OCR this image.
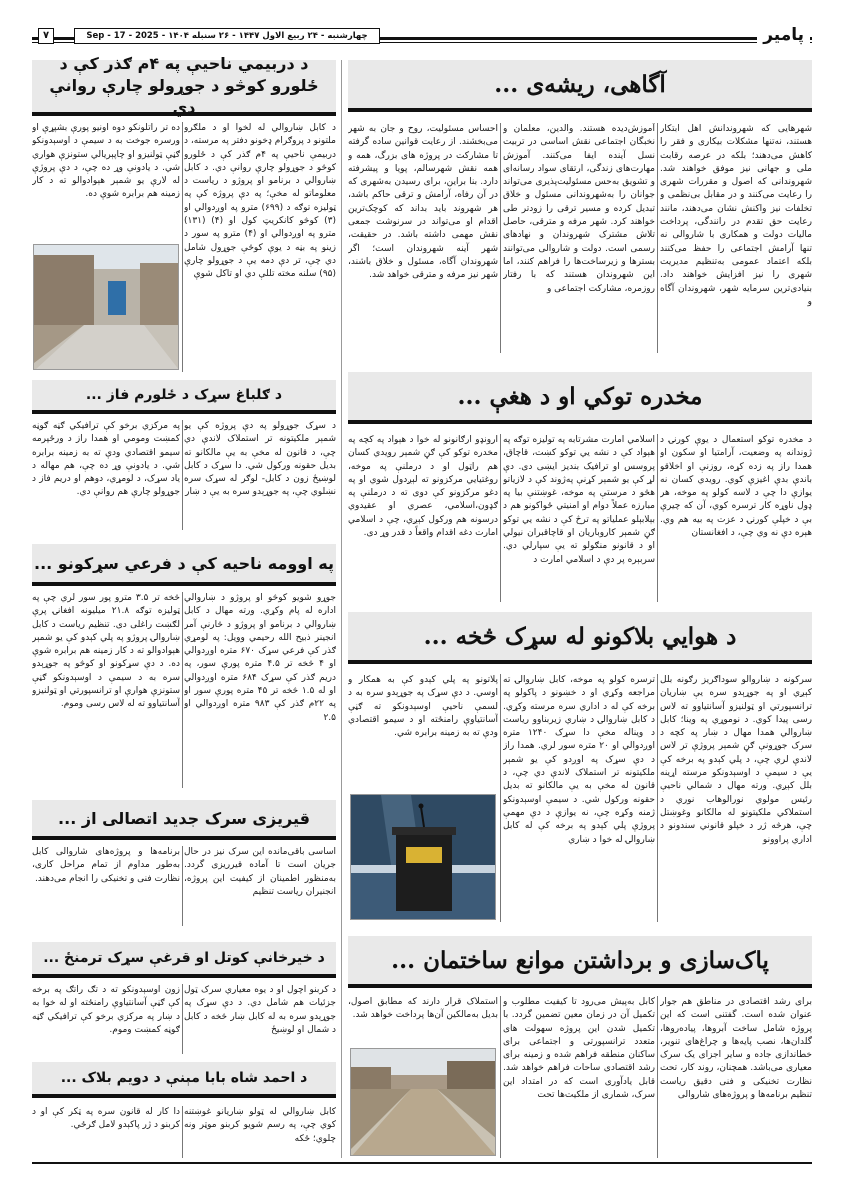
۷	چهارشنبه - ۲۴ ربیع الاول ۱۴۴۷ - ۲۶ سنبله ۱۴۰۴ - 2025 - 17 - Sep	پامیر
آگاهی، ریشه‌ی ...
شهرهایی که شهروندانش اهل ابتکار هستند، نه‌تنها مشکلات بیکاری و فقر را کاهش می‌دهند؛ بلکه در عرصه رقابت ملی و جهانی نیز موفق خواهند شد. شهروندانی که اصول و مقررات شهری را رعایت می‌کنند و در مقابل بی‌نظمی و تخلفات نیز واکنش نشان می‌دهند، مانند رعایت حق تقدم در رانندگی، پرداخت مالیات دولت و همکاری با شاروالی نه تنها آرامش اجتماعی را حفظ می‌کنند بلکه اعتماد عمومی به‌تنظیم مدیریت شهری را نیز افزایش خواهند داد. بنیادی‌ترین سرمایه شهر، شهروندان آگاه و
آموزش‌دیده هستند. والدین، معلمان و نخبگان اجتماعی نقش اساسی در تربیت نسل آینده ایفا می‌کنند. آموزش مهارت‌های زندگی، ارتقای سواد رسانه‌ای و تشویق به‌حس مسئولیت‌پذیری می‌تواند جوانان را به‌شهروندانی مسئول و خلاق تبدیل کرده و مسیر ترقی را زودتر طی خواهند کرد. شهر مرفه و مترقی، حاصل تلاش مشترک شهروندان و نهادهای رسمی است. دولت و شاروالی می‌توانند بسترها و زیرساخت‌ها را فراهم کنند، اما این شهروندان هستند که با رفتار روزمره، مشارکت اجتماعی و
احساس مسئولیت، روح و جان به شهر می‌بخشند. از رعایت قوانین ساده گرفته تا مشارکت در پروژه های بزرگ، همه و همه نقش شهرسالم، پویا و پیشرفته دارد. بنا براین، برای رسیدن به‌شهری که در آن رفاه، آرامش و ترقی حاکم باشد، هر شهروند باید بداند که کوچک‌ترین اقدام او می‌تواند در سرنوشت جمعی نقش مهمی داشته باشد. در حقیقت، شهر آینه شهروندان است؛ اگر شهروندان آگاه، مسئول و خلاق باشند، شهر نیز مرفه و مترقی خواهد شد.
مخدره توکي او د هغې ...
د مخدره توکو استعمال د یوې کورنۍ د ژوندانه په وضعیت، آرامتیا او سکون او همدا راز په زده کړه، روزنې او اخلاقو باندې بدې اغیزې کوي. رویدي کسان نه یوازې دا چې د لاسه کولو په موخه، هر ډول ناوړه کار ترسره کوي، آن که چیرې بې د خپلې کورنۍ د عزت په بیه هم وي. هېره دې نه وي چې، د افغانستان
اسلامي امارت مشرتابه په تولیزه توګه په هېواد کې د نشه یي توکو کښت، قاچاق، پروسس او ترافیک بندیز ایښی دی. دې لړ کې یو شمېر کړنې په‌ژوند کې د لازیاتو هڅو د مرستې په موخه، غوښتنې بیا په مبارزه عملاً دوام او امنیتي ځواکونو هم د بېلابېلو عملیاتو په ترڅ کې د نشه یي توکو ګڼ شمېر کاروباریان او قاچاقبران نیولي او د قانونو منګولو ته یې سپارلي دي. سربېره پر دې د اسلامي امارت د
ارونډو ارګانونو له خوا د هېواد په کچه په مخدره توکو کې ګڼ شمېر رويدي کسان هم راټول او د درملنې په موخه، روغتیایي مرکزونو ته لېږدول شوي او په دغو مرکزونو کې دوی ته د درملنې په ګډون،اسلامي، عصري او عقیدوي درسونه هم ورکول کېږي، چې د اسلامي امارت دغه اقدام واقعاً د قدر وړ دی.
د هوایي بلاکونو له سړک څخه ...
سرکونه د ښاروالو سوداګریز رګونه بلل کېږي او په جوړېدو سره یې ښاريان ترانسپورتي او ټولنيزو آسانتياوو ته لاس رسی پیدا کوي. د نوموړي په وینا؛ کابل ښاروالي همدا مهال د ښار په کچه د سرک جوړونې ګڼ شمېر پروژې تر لاس لاندې لري چې، د پلي کېدو په برخه کې یې د سیمې د اوسېدونکو مرسته اړينه بلل کېږي. ورته مهال د شمالي ناحیې رئیس مولوي نورالوهاب نوري د استملاکي ملکیتونو له مالکانو وغوښتل چې، هرڅه ژر د خپلو قانوني سندونو د اداري پراوونو
ترسره کولو په موخه، کابل ښاروالۍ ته مراجعه وکړي او د خښونو د پاکولو په برخه کې له د اداري سره مرسته وکړي. د کابل ښاروالۍ د ښاري زیربناوو ریاست د ویناله مخې دا سړک ۱۲۴۰ متره اوږدوالي او ۲۰ متره سور لري. همدا راز د دې سړک په اوږدو کې یو شمېر ملکیتونه تر استملاک لاندې دي چې، د قانون له مخې به یې مالکانو ته بدیل حقونه ورکول شي. د سیمې اوسېدونکو ژمنه وکړه چې، نه یوازې د دې مهمې پروژې پلي کېدو په برخه کې له کابل ښاروالۍ له خوا د ښاري
پلاتونو په پلي کېدو کې به همکار و اوسي. د دې سړک په جوړېدو سره به د لسمې ناحیې اوسېدونکو ته ګڼې آسانتیاوې رامنځته او د سیمو اقتصادي ودې ته به زمینه برابره شي.
پاک‌سازی و برداشتن موانع ساختمان ...
برای رشد اقتصادی در مناطق هم جوار عنوان شده است. گفتنی است که این پروژه شامل ساخت آبروها، پیاده‌روها، گلدان‌ها، نصب پایه‌ها و چراغ‌های تنویر، خطاندازی جاده و سایر اجزای یک سرک معیاری می‌باشد. همچنان، روند کار، تحت نظارت تخنیکی و فنی دقیق ریاست تنظیم برنامه‌ها و پروژه‌های شاروالی
کابل به‌پیش می‌رود تا کیفیت مطلوب و تکمیل آن در زمان معین تضمین گردد. با تکمیل شدن این پروژه سهولت های متعدد ترانسپورتی و اجتماعی برای ساکنان منطقه فراهم شده و زمینه برای رشد اقتصادی ساحات فراهم خواهد شد. قابل یادآوری است که در امتداد این سرک، شماری از ملکیت‌ها تحت
استملاک قرار دارند که مطابق اصول، بدیل به‌مالکین آن‌ها پرداخت خواهد شد.
د دربیمي ناحیې په ۴م ګذر کې د ځلورو کوڅو د جوړولو چارې روانې دي
د کابل ښاروالي له لخوا او د ملګرو ملتونو د پروګرام ډخونو دفتر په مرسته، د دربیمې ناحیې په ۴م ګذر کې د ځلورو کوڅو د جوړولو چارې روانې دي. د کابل ښاروالي د برنامو او پروژو د ریاست د معلوماتو له مخې؛ په دې پروژه کې په ټولیزه توګه د (۶۹۹) مترو په اوږدوالي او (۳) کوڅو کانکریټ کول او (۴) (۱۳۱) مترو په اوږدوالي او (۴) مترو په سور د زینو په بڼه د یوې کوڅې جوړول شامل دي چې، تر دې دمه یې د جوړولو چارې (۹۵) سلنه مخته تللې دي او تاکل شوې
ده تر راتلونکو دوه اونیو پورې بشپړې او ورسره جوخت به د سیمې د اوسېدونکو ګڼې ټولنیزو او چاپېریالي ستونزې هواري شي. د یادونې وړ ده چې، د دې پروژې له لارې یو شمېر هېوادوالو ته د کار زمینه هم برابره شوې ده.
د ګلباغ سړک د ځلورم فاز ...
د سړک جوړولو په دې پروژه کې یو شمېر ملکیتونه تر استملاک لاندې دي چې، د قانون له مخې به یې مالکانو ته بدیل حقونه ورکول شي. دا سړک د کابل لوښیځ زون د کابل- لوګر له سړک سره نښلوي چې، په جوړېدو سره به یې د ښار
په مرکزي برخو کې ترافيکي ګڼه ګوڼه کمښت ومومي او همدا راز د ورځپرمه سیمو اقتصادي ودې ته به زمینه برابره شي. د یادونې وړ ده چې، هم مهاله د یاد سړک، د لومړي، دوهم او دریم فاز د جوړولو چارې هم روانې دي.
په اوومه ناحیه کې د فرعي سړکونو ...
جوړو شویو کوڅو او پروژو د ښاروالي اداره له پام وکړي. ورته مهال د کابل ښاروالي د برنامو او پروژو د څارنې آمر انجینر ذبیح الله رحیمي وویل: په لومړي ګذر کې فرعي سړک ۶۷۰ متره اوږدوالي او ۴ څخه تر ۴.۵ متره پورې سور، په دریم ګذر کې سړک ۶۸۴ متره اوږدوالي او له ۱.۵ څخه تر ۴۵ متره پورې سور او په ۲۲م ګذر کې ۹۸۳ متره اوږدوالي او ۲.۵
څخه تر ۳.۵ مترو پور سور لري چې په ټولیزه توګه ۲۱.۸ میلیونه افغانۍ پرې لګښت راغلی دی. تنظیم ریاست د کابل ښاروالۍ پروژو په پلي کېدو کې یو شمېر هېوادوالو ته د کار زمینه هم برابره شوې ده. د دې سړکونو او کوڅو په جوړېدو سره به د سیمې د اوسېدونکو ګڼې ستونزې هوارې او ترانسپورتي او ټولنیزو آسانتیاوو ته له لاس رسی وموم.
قیریزی سرک جدید اتصالی از ...
اساسی باقی‌مانده این سرک نیز در حال جریان است تا آماده قیرریزی گردد. به‌منظور اطمینان از کیفیت این پروژه، انجنیران ریاست تنظیم
برنامه‌ها و پروژه‌های شاروالی کابل به‌طور مداوم از تمام مراحل کاری، نظارت فنی و تخنیکی را انجام می‌دهند.
د خیرخانې کوتل او قرغې سړک ترمنځ ...
د کربنو اچول او د یوه معیاري سرک ټول جزئیات هم شامل دي. د دې سړک په جوړېدو سره به له کابل ښار څخه د کابل د شمال او لوښیځ
زون اوسېدونکو ته د تګ راتګ په برخه کې ګڼې آسانتیاوې رامنځته او له خوا به د ښار په مرکزي برخو کې ترافیکي ګڼه ګوڼه کمښت وموم.
د احمد شاه بابا مېنې د دویم بلاک ...
کابل ښاروالي له ټولو ښاریانو غوښتنه کوي چې، په رسم شویو کربنو موټر ونه چلوي؛ ځکه
دا کار له قانون سره په ټکر کې او د کربنو د ژر پاکېدو لامل ګرځي.
